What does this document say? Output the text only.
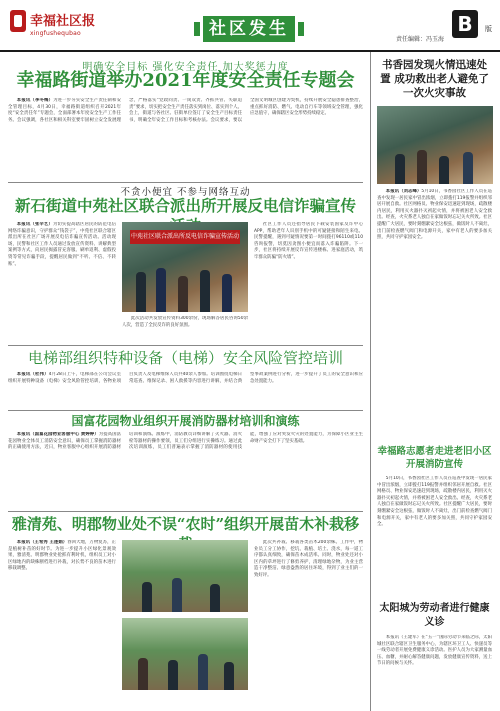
幸福社区报
xingfushequbao	社区发生
责任编辑：冯玉海
B	版
明确安全目标 强化安全责任 加大奖惩力度
幸福路街道举办2021年度安全责任专题会

本报讯（李冬梅）为进一步夯实安全生产责任制和安全管理目标，4月30日，幸福路街道组织召开2021年度“安全责任年”专题会，全面部署本年度安全生产工作任务。会议强调，各社区和相关科室要牢固树立安全发展理念，严格落实“党政同责、一岗双责、齐抓共管、失职追责”要求，切实把安全生产责任落实到岗位、落实到个人。会上，街道与各社区、驻街单位签订了安全生产目标责任书，明确全年安全工作目标和考核办法。会议要求，要以全国文明城区创建为契机，持续开展安全隐患排查整治，重点抓好消防、燃气、电动自行车等领域安全管理，强化应急值守，确保辖区安全形势持续稳定。

书香园发现火情迅速处置 成功救出老人避免了一次火灾事故

本报讯（刘志峰）5月10日，书香园社区工作人员在巡查中发现一居民家中冒出浓烟，立即拨打119报警并组织邻居开展自救。社区网格员、物业保安迅速赶到现场，疏散楼内居民，利用灭火器扑灭初起火情，并将被困老人安全救出。经查，火灾系老人独自在家做饭时忘记关火所致。社区提醒广大居民，要时刻绷紧安全这根弦，做饭时人不离灶，出门前检查燃气阀门和电源开关，家中有老人的要多加关照，共同守护家园安全。

幸福路志愿者走进老旧小区 开展消防宣传

5月10日，书香园社区工作人员在巡查中发现一居民家中冒出浓烟，立即拨打119报警并组织邻居开展自救。社区网格员、物业保安迅速赶到现场，疏散楼内居民，利用灭火器扑灭初起火情，并将被困老人安全救出。经查，火灾系老人独自在家做饭时忘记关火所致。社区提醒广大居民，要时刻绷紧安全这根弦，做饭时人不离灶，出门前检查燃气阀门和电源开关，家中有老人的要多加关照，共同守护家园安全。

太阳城为劳动者进行健康义诊

本报讯（王建军）在“五一”国际劳动节来临之际，太阳城社区联合辖区卫生服务中心，为辖区环卫工人、快递员等一线劳动者开展免费健康义诊活动。医护人员为大家测量血压、血糖，并耐心解答健康问题，发放健康宣传资料，送上节日的问候与关怀。

不贪小便宜 不参与网络互动
新石街道中苑社区联合派出所开展反电信诈骗宣传

本报讯（张辛艺）为切实提高辖区居民的防范电信网络诈骗意识，守护群众“钱袋子”，中苑社区联合辖区派出所在社区广场开展反电信诈骗宣传活动。活动现场，民警和社区工作人员通过发放宣传资料、讲解典型案例等方式，向居民揭露冒充客服、刷单返利、虚假投资等常见诈骗手段，提醒居民做到“不听、不信、不转账”。

中苑社区联合派出所反电信诈骗宣传活动

此次活动共发放宣传资料300余份，现场解答居民咨询50余人次，营造了全民反诈的良好氛围。

社区工作人员还指导居民下载安装国家反诈中心APP，帮助老年人识别手机中的可疑链接和陌生来电。民警提醒，遇到可疑情况要第一时间拨打96110或110咨询报警，切莫因贪图小便宜而落入诈骗陷阱。下一步，社区将持续开展反诈宣传进楼栋、进家庭活动，筑牢群众防骗“防火墙”。

电梯部组织特种设备（电梯）安全风险管控培训

本报讯（杜伟）4月28日上午，电梯部在公司会议室组织开展特种设备（电梯）安全风险管控培训，各物业项目负责人及电梯维保人员共40余人参加。培训围绕电梯日常巡查、维保记录、困人救援等内容进行讲解，并结合典型事故案例进行分析，进一步提升了员工的安全意识和应急处置能力。

国富花园物业组织开展消防器材培训和演练

本报讯（国富花园物业客服中心 黄婷婷）为提高国富花园物业全体员工消防安全意识，确保员工掌握消防器材的正确使用方法，近日，物业客服中心组织开展消防器材培训和演练。演练中，消防教员详细讲解了灭火器、消火栓等器材的操作要领，员工们分组进行实操练习。通过此次培训演练，员工们普遍表示掌握了消防器材的使用技能，增强了应对突发火灾的处置能力，为保障小区业主生命财产安全打下了坚实基础。

雅清苑、明郡物业处不误“农时”组织开展苗木补栽移

本报讯（王希秀 王莲娟）春回大地，万物复苏，正是植树补苗的好时节。为进一步提升小区绿化景观效果，雅清苑、明郡物业处抢抓有利时机，组织员工对小区绿地内的缺株断档进行补栽，对长势不良的苗木进行移栽调整。

此次共补栽、移栽各类苗木200余株。工作中，物业员工分工协作，挖坑、栽植、培土、浇水，每一道工序都认真细致，确保苗木成活率。同时，物业处还对小区内的草坪进行了修剪养护，清理绿地杂物，为业主营造干净整洁、绿意盎然的居住环境，得到了业主们的一致好评。
